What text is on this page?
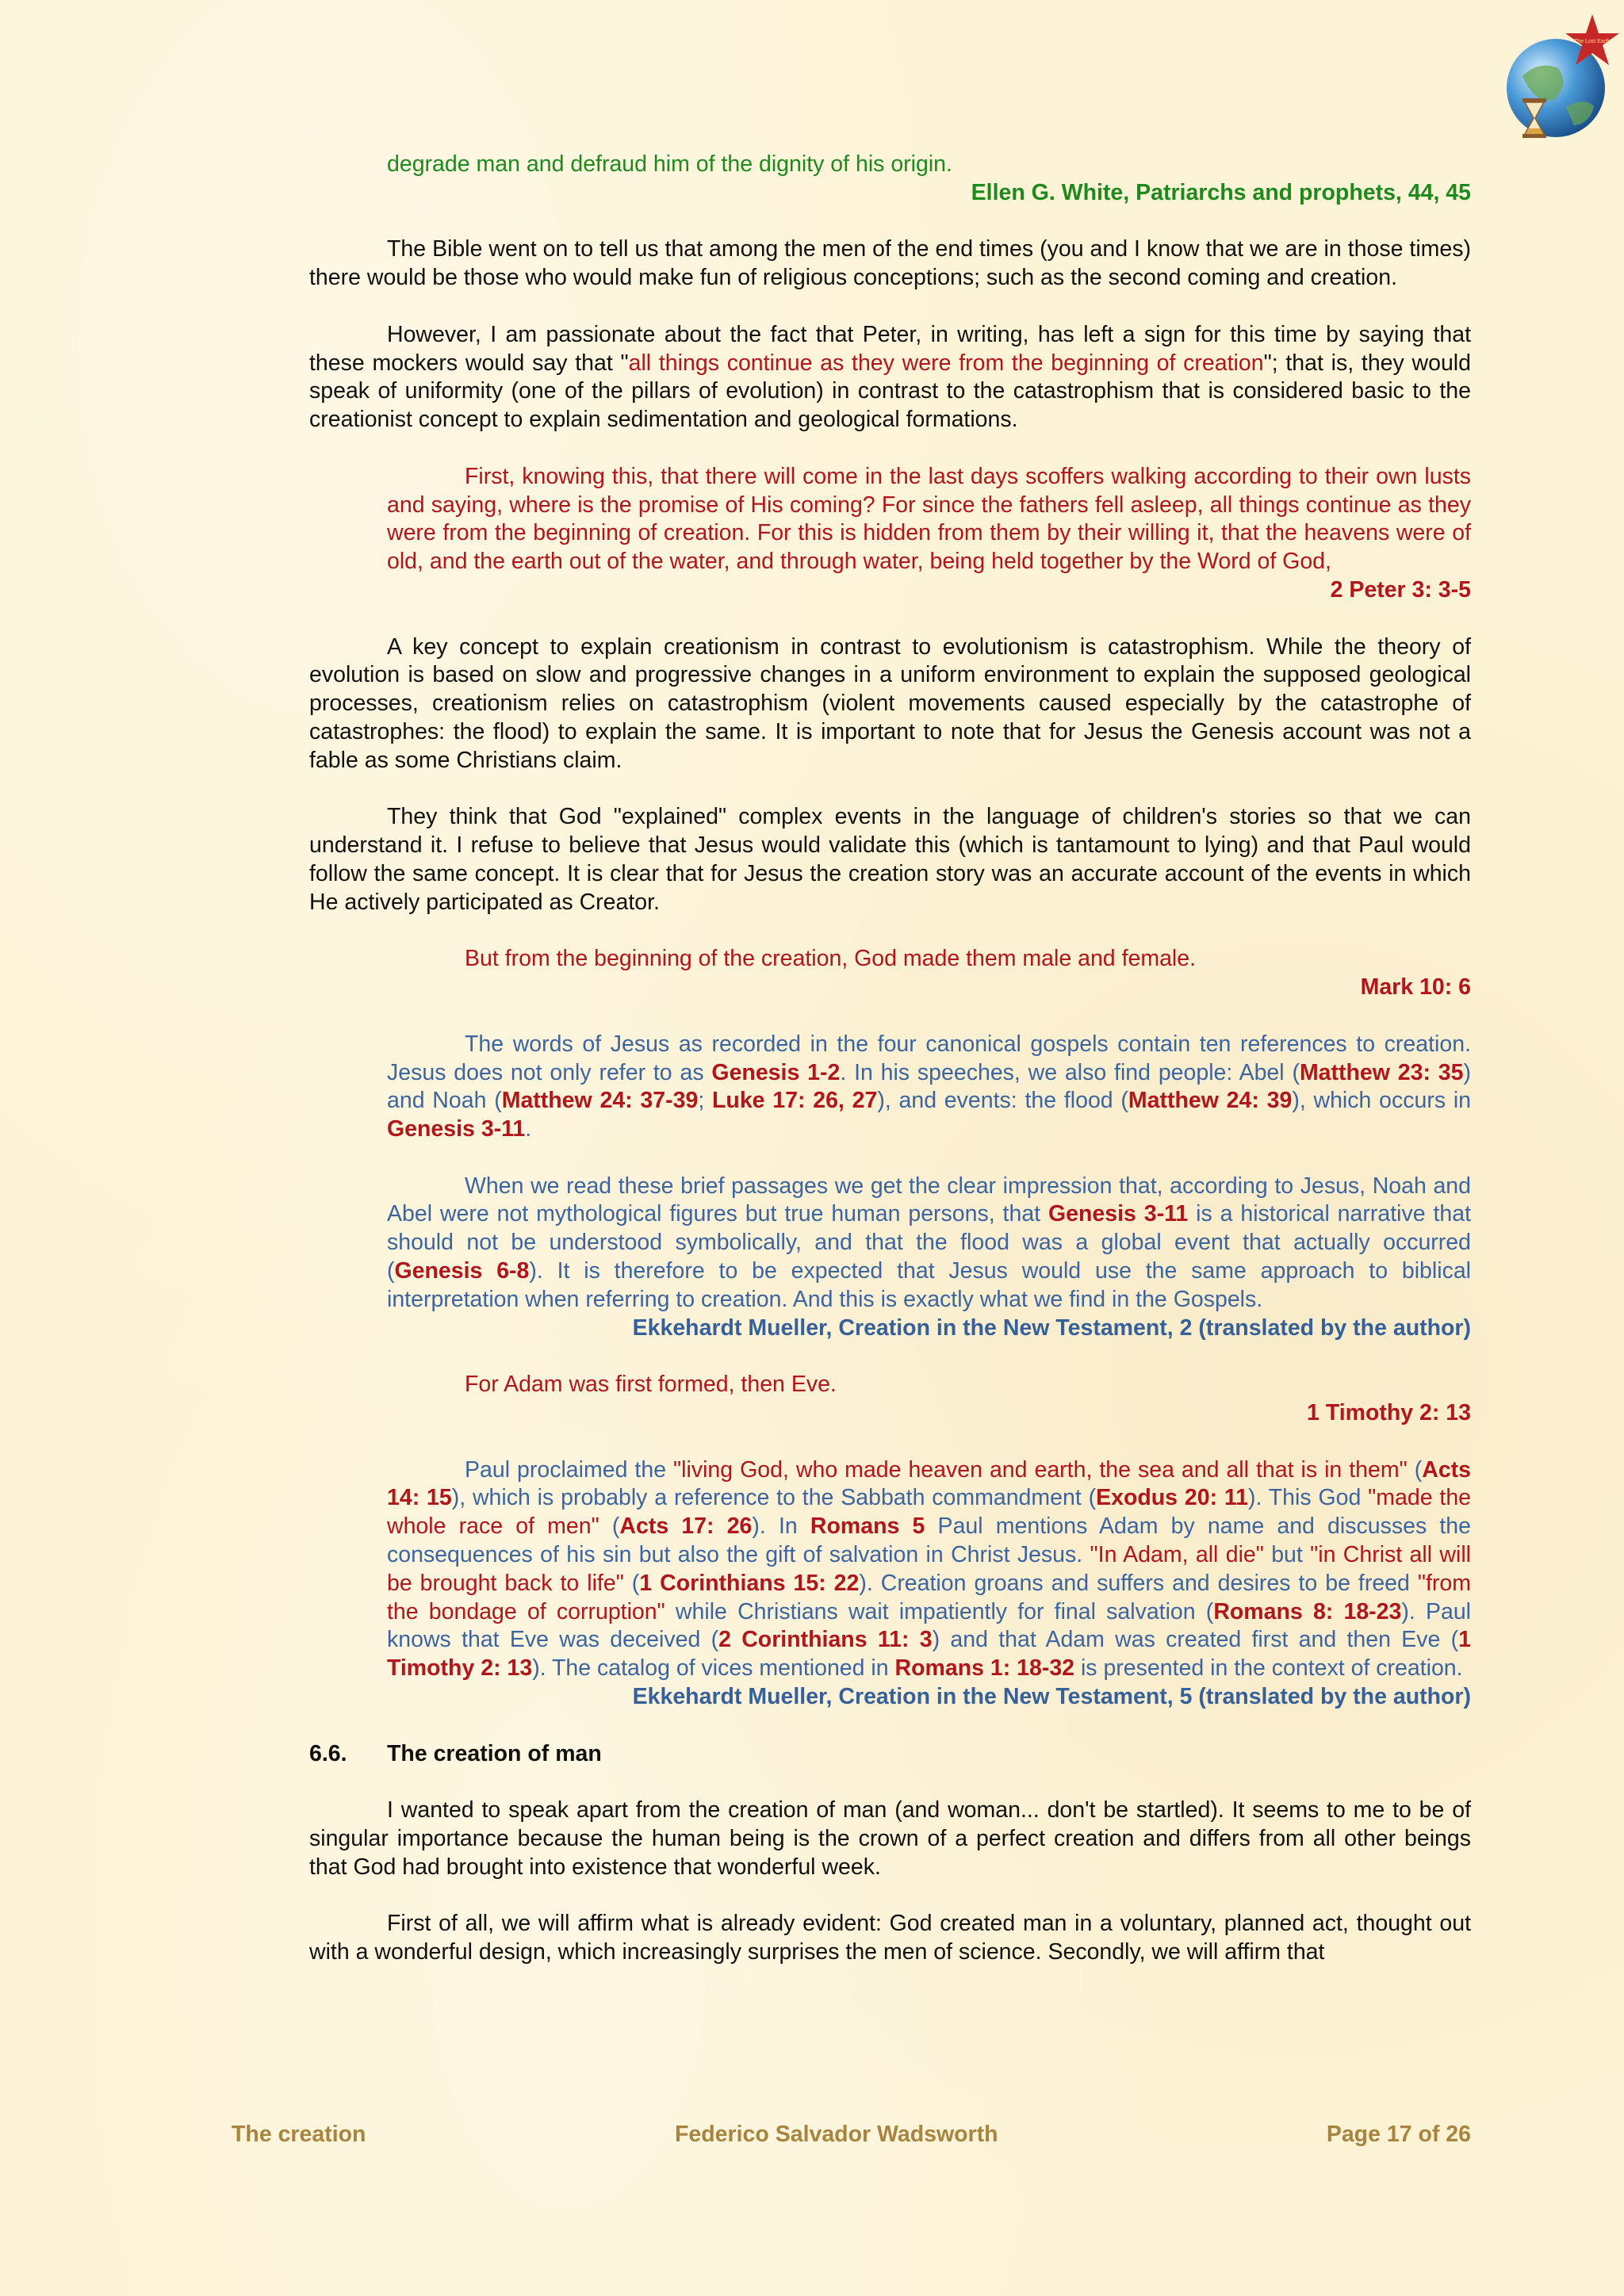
The Lost Earth

degrade man and defraud him of the dignity of his origin.

Ellen G. White, Patriarchs and prophets, 44, 45

The Bible went on to tell us that among the men of the end times (you and I know that we are in those times) there would be those who would make fun of religious conceptions; such as the second coming and creation.

However, I am passionate about the fact that Peter, in writing, has left a sign for this time by saying that these mockers would say that "all things continue as they were from the beginning of creation"; that is, they would speak of uniformity (one of the pillars of evolution) in contrast to the catastrophism that is considered basic to the creationist concept to explain sedimentation and geological formations.

First, knowing this, that there will come in the last days scoffers walking according to their own lusts and saying, where is the promise of His coming? For since the fathers fell asleep, all things continue as they were from the beginning of creation. For this is hidden from them by their willing it, that the heavens were of old, and the earth out of the water, and through water, being held together by the Word of God,

2 Peter 3: 3-5

A key concept to explain creationism in contrast to evolutionism is catastrophism. While the theory of evolution is based on slow and progressive changes in a uniform environment to explain the supposed geological processes, creationism relies on catastrophism (violent movements caused especially by the catastrophe of catastrophes: the flood) to explain the same. It is important to note that for Jesus the Genesis account was not a fable as some Christians claim.

They think that God "explained" complex events in the language of children's stories so that we can understand it. I refuse to believe that Jesus would validate this (which is tantamount to lying) and that Paul would follow the same concept. It is clear that for Jesus the creation story was an accurate account of the events in which He actively participated as Creator.

But from the beginning of the creation, God made them male and female.

Mark 10: 6

The words of Jesus as recorded in the four canonical gospels contain ten references to creation. Jesus does not only refer to as Genesis 1-2. In his speeches, we also find people: Abel (Matthew 23: 35) and Noah (Matthew 24: 37-39; Luke 17: 26, 27), and events: the flood (Matthew 24: 39), which occurs in Genesis 3-11.

When we read these brief passages we get the clear impression that, according to Jesus, Noah and Abel were not mythological figures but true human persons, that Genesis 3-11 is a historical narrative that should not be understood symbolically, and that the flood was a global event that actually occurred (Genesis 6-8). It is therefore to be expected that Jesus would use the same approach to biblical interpretation when referring to creation. And this is exactly what we find in the Gospels.

Ekkehardt Mueller, Creation in the New Testament, 2 (translated by the author)

For Adam was first formed, then Eve.

1 Timothy 2: 13

Paul proclaimed the "living God, who made heaven and earth, the sea and all that is in them" (Acts 14: 15), which is probably a reference to the Sabbath commandment (Exodus 20: 11). This God "made the whole race of men" (Acts 17: 26). In Romans 5 Paul mentions Adam by name and discusses the consequences of his sin but also the gift of salvation in Christ Jesus. "In Adam, all die" but "in Christ all will be brought back to life" (1 Corinthians 15: 22). Creation groans and suffers and desires to be freed "from the bondage of corruption" while Christians wait impatiently for final salvation (Romans 8: 18-23). Paul knows that Eve was deceived (2 Corinthians 11: 3) and that Adam was created first and then Eve (1 Timothy 2: 13). The catalog of vices mentioned in Romans 1: 18-32 is presented in the context of creation.

Ekkehardt Mueller, Creation in the New Testament, 5 (translated by the author)

6.6.	The creation of man

I wanted to speak apart from the creation of man (and woman... don't be startled). It seems to me to be of singular importance because the human being is the crown of a perfect creation and differs from all other beings that God had brought into existence that wonderful week.

First of all, we will affirm what is already evident: God created man in a voluntary, planned act, thought out with a wonderful design, which increasingly surprises the men of science. Secondly, we will affirm that

The creation	Federico Salvador Wadsworth	Page 17 of 26
